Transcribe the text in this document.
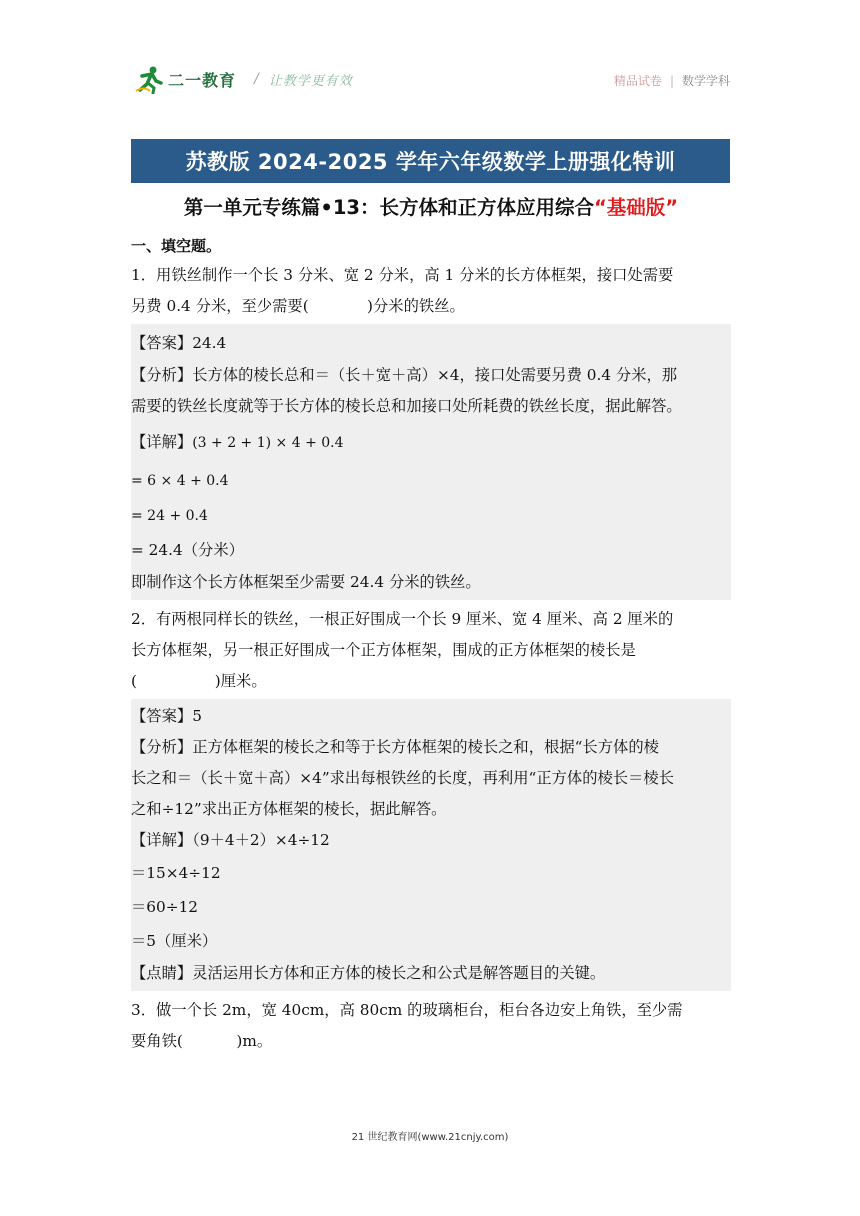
二一教育 / 让教学更有效	精品试卷 | 数学学科
苏教版 2024-2025 学年六年级数学上册强化特训
第一单元专练篇•13：长方体和正方体应用综合“基础版”
一、填空题。

1．用铁丝制作一个长 3 分米、宽 2 分米，高 1 分米的长方体框架，接口处需要

另费 0.4 分米，至少需要(            )分米的铁丝。

【答案】24.4

【分析】长方体的棱长总和＝（长＋宽＋高）×4，接口处需要另费 0.4 分米，那

需要的铁丝长度就等于长方体的棱长总和加接口处所耗费的铁丝长度，据此解答。

【详解】(3 + 2 + 1) × 4 + 0.4

= 6 × 4 + 0.4

= 24 + 0.4

= 24.4（分米）

即制作这个长方体框架至少需要 24.4 分米的铁丝。

2．有两根同样长的铁丝，一根正好围成一个长 9 厘米、宽 4 厘米、高 2 厘米的

长方体框架，另一根正好围成一个正方体框架，围成的正方体框架的棱长是

(                )厘米。

【答案】5

【分析】正方体框架的棱长之和等于长方体框架的棱长之和，根据“长方体的棱

长之和＝（长＋宽＋高）×4”求出每根铁丝的长度，再利用“正方体的棱长＝棱长

之和÷12”求出正方体框架的棱长，据此解答。

【详解】（9＋4＋2）×4÷12

＝15×4÷12

＝60÷12

＝5（厘米）

【点睛】灵活运用长方体和正方体的棱长之和公式是解答题目的关键。

3．做一个长 2m，宽 40cm，高 80cm 的玻璃柜台，柜台各边安上角铁，至少需

要角铁(           )m。

21 世纪教育网(www.21cnjy.com)
